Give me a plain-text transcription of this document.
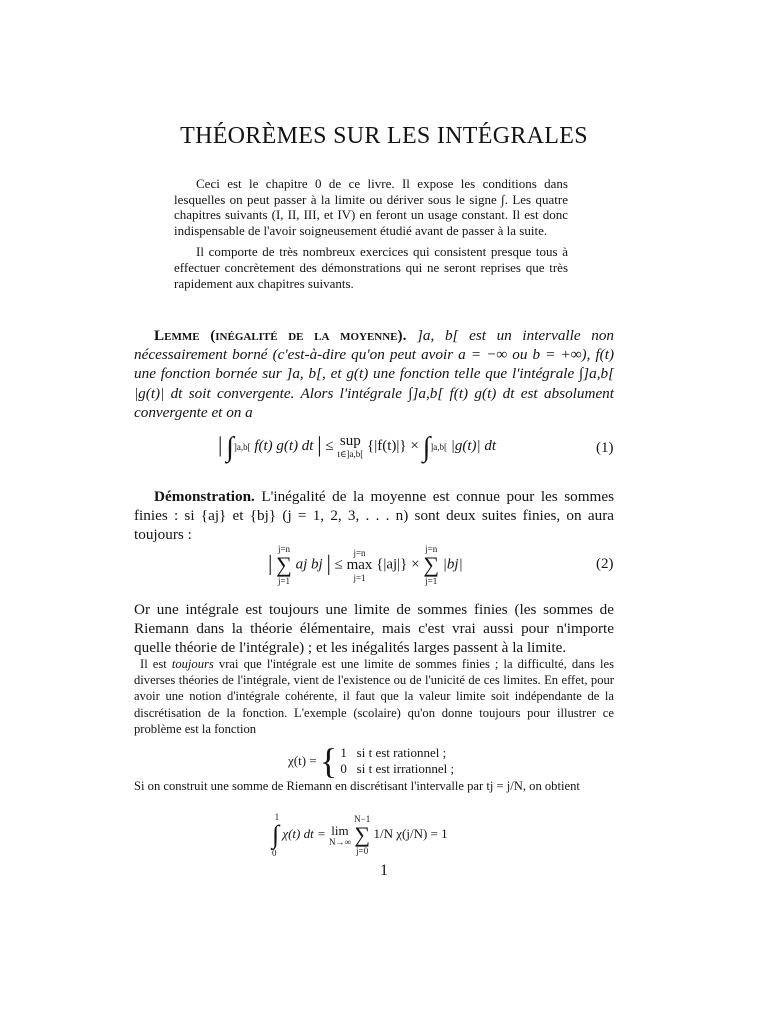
THÉORÈMES SUR LES INTÉGRALES

Ceci est le chapitre 0 de ce livre. Il expose les conditions dans lesquelles on peut passer à la limite ou dériver sous le signe ∫. Les quatre chapitres suivants (I, II, III, et IV) en feront un usage constant. Il est donc indispensable de l'avoir soigneusement étudié avant de passer à la suite.

Il comporte de très nombreux exercices qui consistent presque tous à effectuer concrètement des démonstrations qui ne seront reprises que très rapidement aux chapitres suivants.

Lemme (inégalité de la moyenne). ]a, b[ est un intervalle non nécessairement borné (c'est-à-dire qu'on peut avoir a = −∞ ou b = +∞), f(t) une fonction bornée sur ]a, b[, et g(t) une fonction telle que l'intégrale ∫]a,b[ |g(t)| dt soit convergente. Alors l'intégrale ∫]a,b[ f(t) g(t) dt est absolument convergente et on a

| ∫]a,b[ f(t) g(t) dt | ≤ sup
t∈]a,b[
{|f(t)|} × ∫]a,b[ |g(t)| dt	(1)

Démonstration. L'inégalité de la moyenne est connue pour les sommes finies : si {aj} et {bj} (j = 1, 2, 3, . . . n) sont deux suites finies, on aura toujours :

|
j=n
∑
j=1
aj bj | ≤
j=n
max
j=1
{|aj|} ×
j=n
∑
j=1
|bj|	(2)

Or une intégrale est toujours une limite de sommes finies (les sommes de Riemann dans la théorie élémentaire, mais c'est vrai aussi pour n'importe quelle théorie de l'intégrale) ; et les inégalités larges passent à la limite.

Il est toujours vrai que l'intégrale est une limite de sommes finies ; la difficulté, dans les diverses théories de l'intégrale, vient de l'existence ou de l'unicité de ces limites. En effet, pour avoir une notion d'intégrale cohérente, il faut que la valeur limite soit indépendante de la discrétisation de la fonction. L'exemple (scolaire) qu'on donne toujours pour illustrer ce problème est la fonction

χ(t) = { 1 si t est rationnel ;
0 si t est irrationnel ;

Si on construit une somme de Riemann en discrétisant l'intervalle par tj = j/N, on obtient

1
∫
0
χ(t) dt = lim
N→∞

N−1
∑
j=0
1/N χ(j/N) = 1
1
